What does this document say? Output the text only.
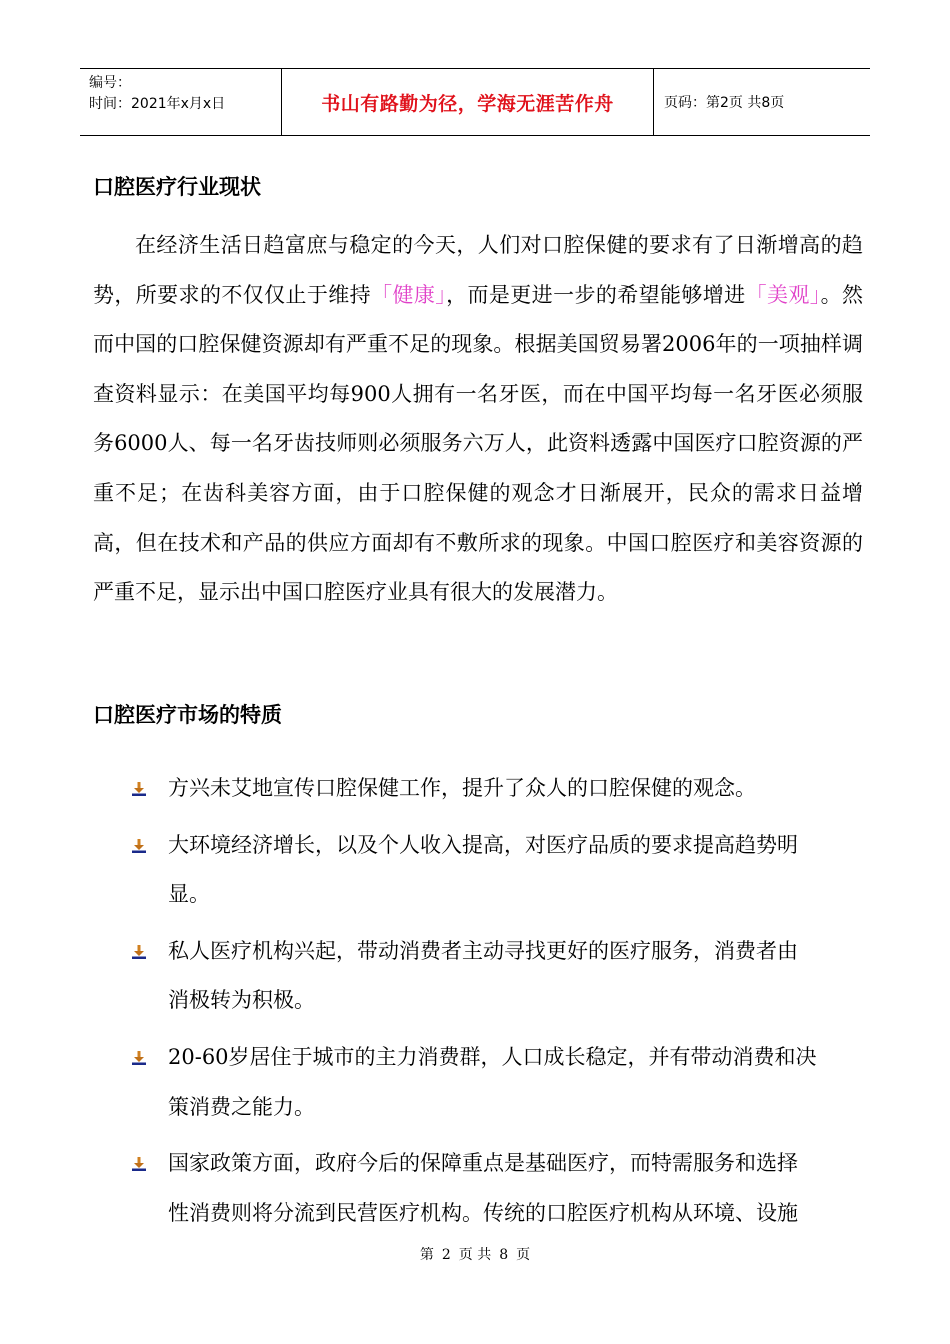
编号：
时间：2021年x月x日	书山有路勤为径，学海无涯苦作舟	页码：第2页 共8页
口腔医疗行业现状

在经济生活日趋富庶与稳定的今天，人们对口腔保健的要求有了日渐增高的趋势，所要求的不仅仅止于维持「健康」，而是更进一步的希望能够增进「美观」。然而中国的口腔保健资源却有严重不足的现象。根据美国贸易署2006年的一项抽样调查资料显示：在美国平均每900人拥有一名牙医，而在中国平均每一名牙医必须服务6000人、每一名牙齿技师则必须服务六万人，此资料透露中国医疗口腔资源的严重不足；在齿科美容方面，由于口腔保健的观念才日渐展开，民众的需求日益增高，但在技术和产品的供应方面却有不敷所求的现象。中国口腔医疗和美容资源的严重不足，显示出中国口腔医疗业具有很大的发展潜力。

口腔医疗市场的特质
方兴未艾地宣传口腔保健工作，提升了众人的口腔保健的观念。
大环境经济增长，以及个人收入提高，对医疗品质的要求提高趋势明
显。
私人医疗机构兴起，带动消费者主动寻找更好的医疗服务，消费者由
消极转为积极。
20-60岁居住于城市的主力消费群，人口成长稳定，并有带动消费和决
策消费之能力。
国家政策方面，政府今后的保障重点是基础医疗，而特需服务和选择
性消费则将分流到民营医疗机构。传统的口腔医疗机构从环境、设施
第 2 页 共 8 页
